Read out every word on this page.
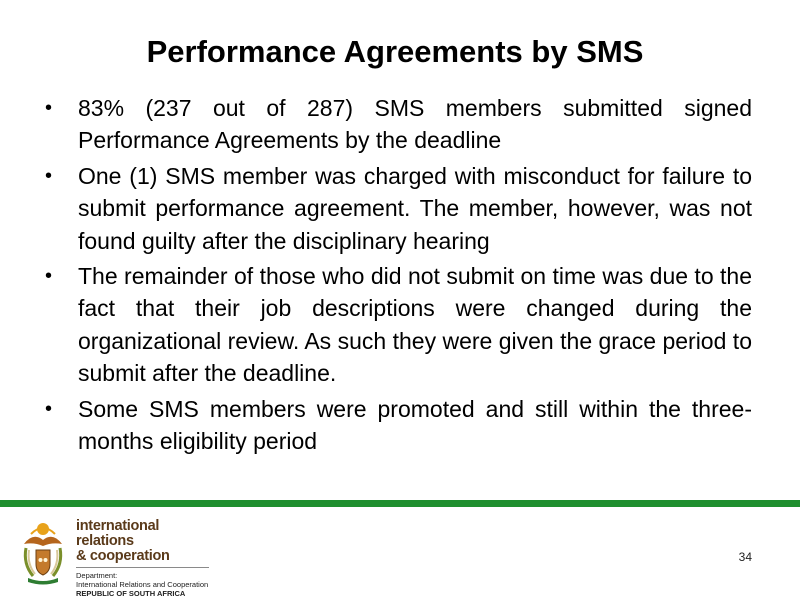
Performance Agreements by SMS
• 83% (237 out of 287) SMS members submitted signed Performance Agreements by the deadline
• One (1) SMS member was charged with misconduct for failure to submit performance agreement. The member, however, was not found guilty after the disciplinary hearing
• The remainder of those who did not submit on time was due to the fact that their job descriptions were changed during the organizational review. As such they were given the grace period to submit after the deadline.
• Some SMS members were promoted and still within the three-months eligibility period
international relations
& cooperation
Department:
International Relations and Cooperation
REPUBLIC OF SOUTH AFRICA
34
